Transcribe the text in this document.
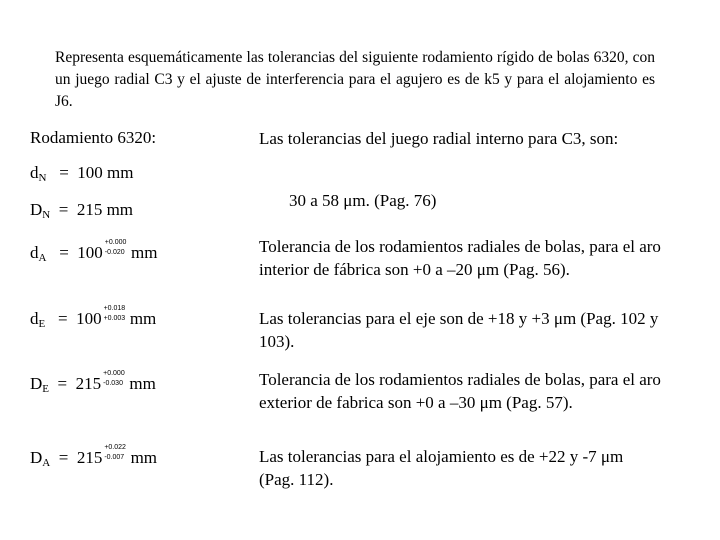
Representa esquemáticamente las tolerancias del siguiente rodamiento rígido de bolas 6320, con un juego radial C3 y el ajuste de interferencia para el agujero es de k5 y para el alojamiento es J6.
Rodamiento 6320:
$d_N = 100$ mm
$D_N = 215$ mm
$d_A = 100$
+0.000
-0.020 mm
$d_E = 100$
+0.018
+0.003 mm
$D_E = 215$
+0.000
-0.030 mm
$D_A = 215$
+0.022
-0.007 mm
Las tolerancias del juego radial interno para C3, son:
30 a 58 μm. (Pag. 76)
Tolerancia de los rodamientos radiales de bolas, para el aro interior de fábrica son +0 a –20 μm (Pag. 56).
Las tolerancias para el eje son de +18 y +3 μm (Pag. 102 y 103).
Tolerancia de los rodamientos radiales de bolas, para el aro exterior de fabrica son +0 a –30 μm (Pag. 57).
Las tolerancias para el alojamiento es de +22 y -7 μm (Pag. 112).
